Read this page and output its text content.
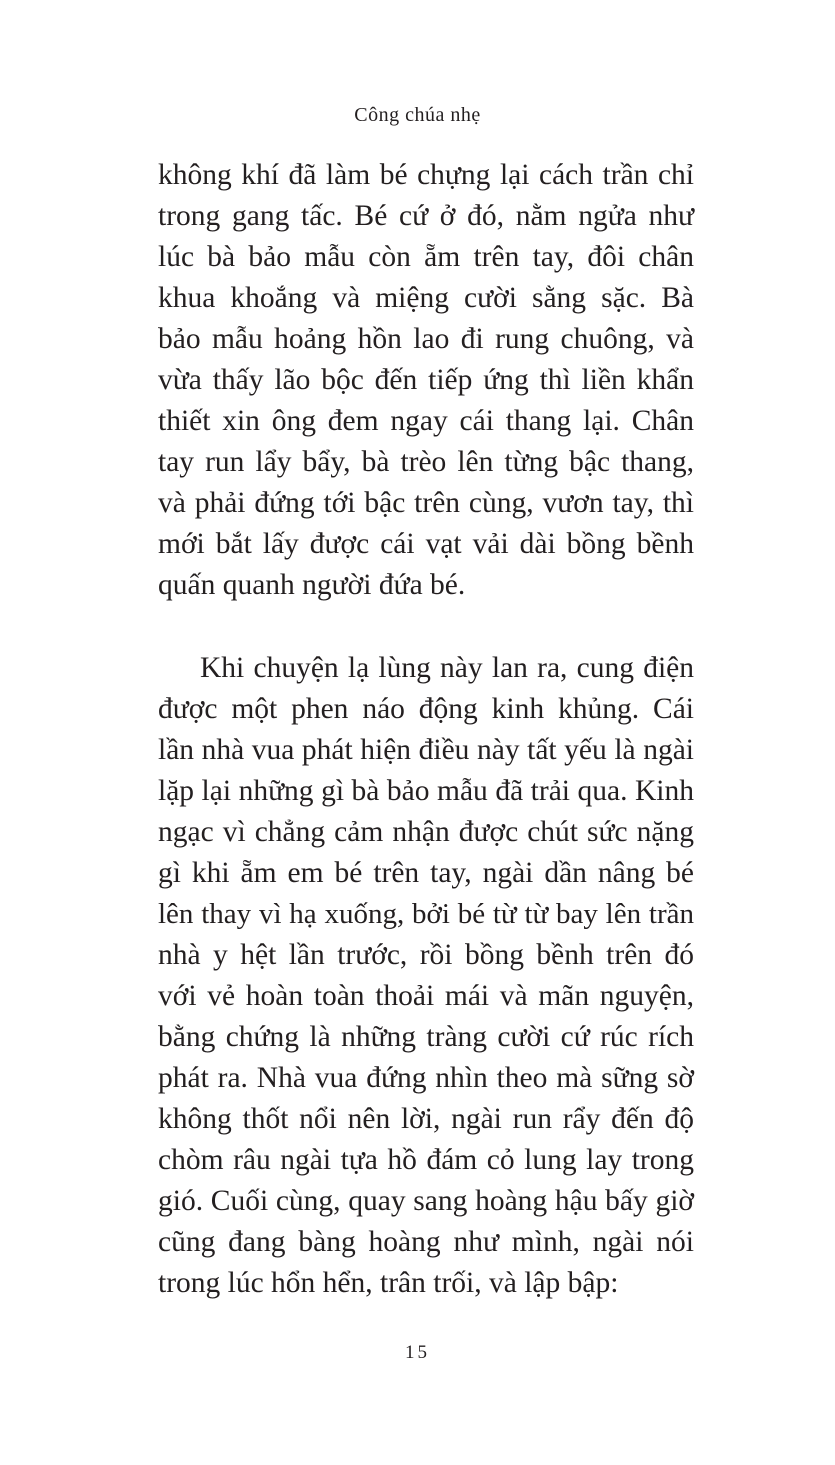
Công chúa nhẹ
không khí đã làm bé chựng lại cách trần chỉ
trong gang tấc. Bé cứ ở đó, nằm ngửa như
lúc bà bảo mẫu còn ẵm trên tay, đôi chân
khua khoắng và miệng cười sằng sặc. Bà
bảo mẫu hoảng hồn lao đi rung chuông, và
vừa thấy lão bộc đến tiếp ứng thì liền khẩn
thiết xin ông đem ngay cái thang lại. Chân
tay run lẩy bẩy, bà trèo lên từng bậc thang,
và phải đứng tới bậc trên cùng, vươn tay, thì
mới bắt lấy được cái vạt vải dài bồng bềnh
quấn quanh người đứa bé.
Khi chuyện lạ lùng này lan ra, cung điện
được một phen náo động kinh khủng. Cái
lần nhà vua phát hiện điều này tất yếu là ngài
lặp lại những gì bà bảo mẫu đã trải qua. Kinh
ngạc vì chẳng cảm nhận được chút sức nặng
gì khi ẵm em bé trên tay, ngài dần nâng bé
lên thay vì hạ xuống, bởi bé từ từ bay lên trần
nhà y hệt lần trước, rồi bồng bềnh trên đó
với vẻ hoàn toàn thoải mái và mãn nguyện,
bằng chứng là những tràng cười cứ rúc rích
phát ra. Nhà vua đứng nhìn theo mà sững sờ
không thốt nổi nên lời, ngài run rẩy đến độ
chòm râu ngài tựa hồ đám cỏ lung lay trong
gió. Cuối cùng, quay sang hoàng hậu bấy giờ
cũng đang bàng hoàng như mình, ngài nói
trong lúc hổn hển, trân trối, và lập bập:
15
